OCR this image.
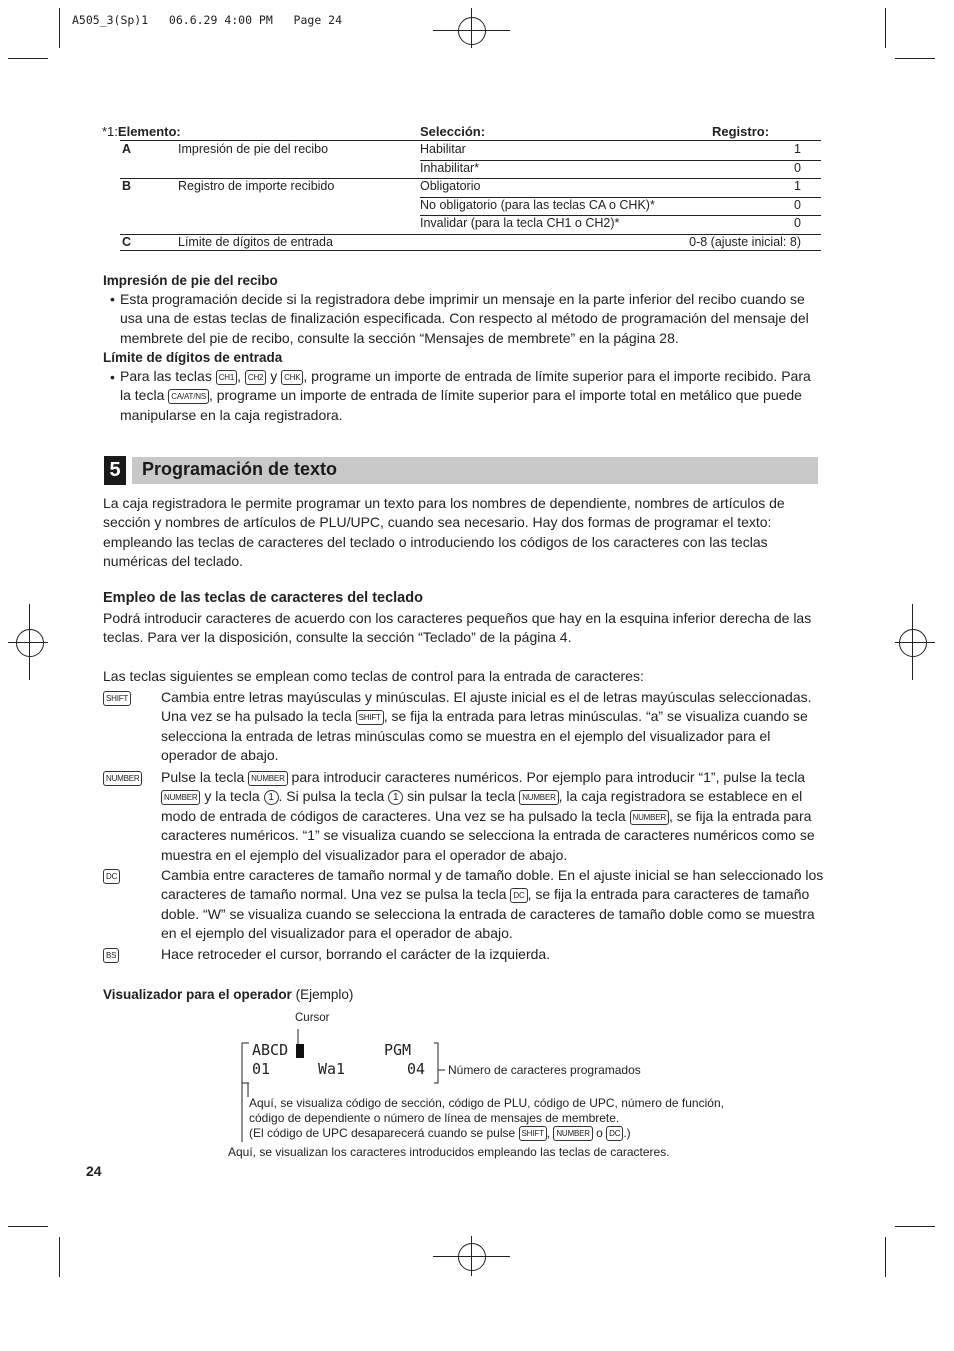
A505_3(Sp)1   06.6.29 4:00 PM   Page 24
*1:Elemento:	Selección:	Registro:
A	Impresión de pie del recibo	Habilitar	1
Inhabilitar*	0
B	Registro de importe recibido	Obligatorio	1
No obligatorio (para las teclas CA o CHK)*	0
Invalidar (para la tecla CH1 o CH2)*	0
C	Límite de dígitos de entrada	0-8 (ajuste inicial: 8)
Impresión de pie del recibo
• Esta programación decide si la registradora debe imprimir un mensaje en la parte inferior del recibo cuando se usa una de estas teclas de finalización especificada. Con respecto al método de programación del mensaje del membrete del pie de recibo, consulte la sección “Mensajes de membrete” en la página 28.
Límite de dígitos de entrada
• Para las teclas CH1 , CH2 y CHK , programe un importe de entrada de límite superior para el importe recibido. Para la tecla CA/AT/NS , programe un importe de entrada de límite superior para el importe total en metálico que puede manipularse en la caja registradora.
5	Programación de texto
La caja registradora le permite programar un texto para los nombres de dependiente, nombres de artículos de sección y nombres de artículos de PLU/UPC, cuando sea necesario. Hay dos formas de programar el texto: empleando las teclas de caracteres del teclado o introduciendo los códigos de los caracteres con las teclas numéricas del teclado.
Empleo de las teclas de caracteres del teclado
Podrá introducir caracteres de acuerdo con los caracteres pequeños que hay en la esquina inferior derecha de las teclas. Para ver la disposición, consulte la sección “Teclado” de la página 4.
Las teclas siguientes se emplean como teclas de control para la entrada de caracteres:
SHIFT Cambia entre letras mayúsculas y minúsculas. El ajuste inicial es el de letras mayúsculas seleccionadas. Una vez se ha pulsado la tecla SHIFT , se fija la entrada para letras minúsculas. “a” se visualiza cuando se selecciona la entrada de letras minúsculas como se muestra en el ejemplo del visualizador para el operador de abajo.
NUMBER Pulse la tecla NUMBER para introducir caracteres numéricos. Por ejemplo para introducir “1”, pulse la tecla NUMBER y la tecla 1 . Si pulsa la tecla 1 sin pulsar la tecla NUMBER , la caja registradora se establece en el modo de entrada de códigos de caracteres. Una vez se ha pulsado la tecla NUMBER , se fija la entrada para caracteres numéricos. “1” se visualiza cuando se selecciona la entrada de caracteres numéricos como se muestra en el ejemplo del visualizador para el operador de abajo.
DC	Cambia entre caracteres de tamaño normal y de tamaño doble. En el ajuste inicial se han seleccionado los caracteres de tamaño normal. Una vez se pulsa la tecla DC , se fija la entrada para caracteres de tamaño doble. “W” se visualiza cuando se selecciona la entrada de caracteres de tamaño doble como se muestra en el ejemplo del visualizador para el operador de abajo.
BS	Hace retroceder el cursor, borrando el carácter de la izquierda.
Visualizador para el operador (Ejemplo)
Cursor
ABCD	PGM
01	Wa1	04 Número de caracteres programados
Aquí, se visualiza código de sección, código de PLU, código de UPC, número de función, código de dependiente o número de línea de mensajes de membrete.
(El código de UPC desaparecerá cuando se pulse SHIFT , NUMBER o DC .)
Aquí, se visualizan los caracteres introducidos empleando las teclas de caracteres.
24
